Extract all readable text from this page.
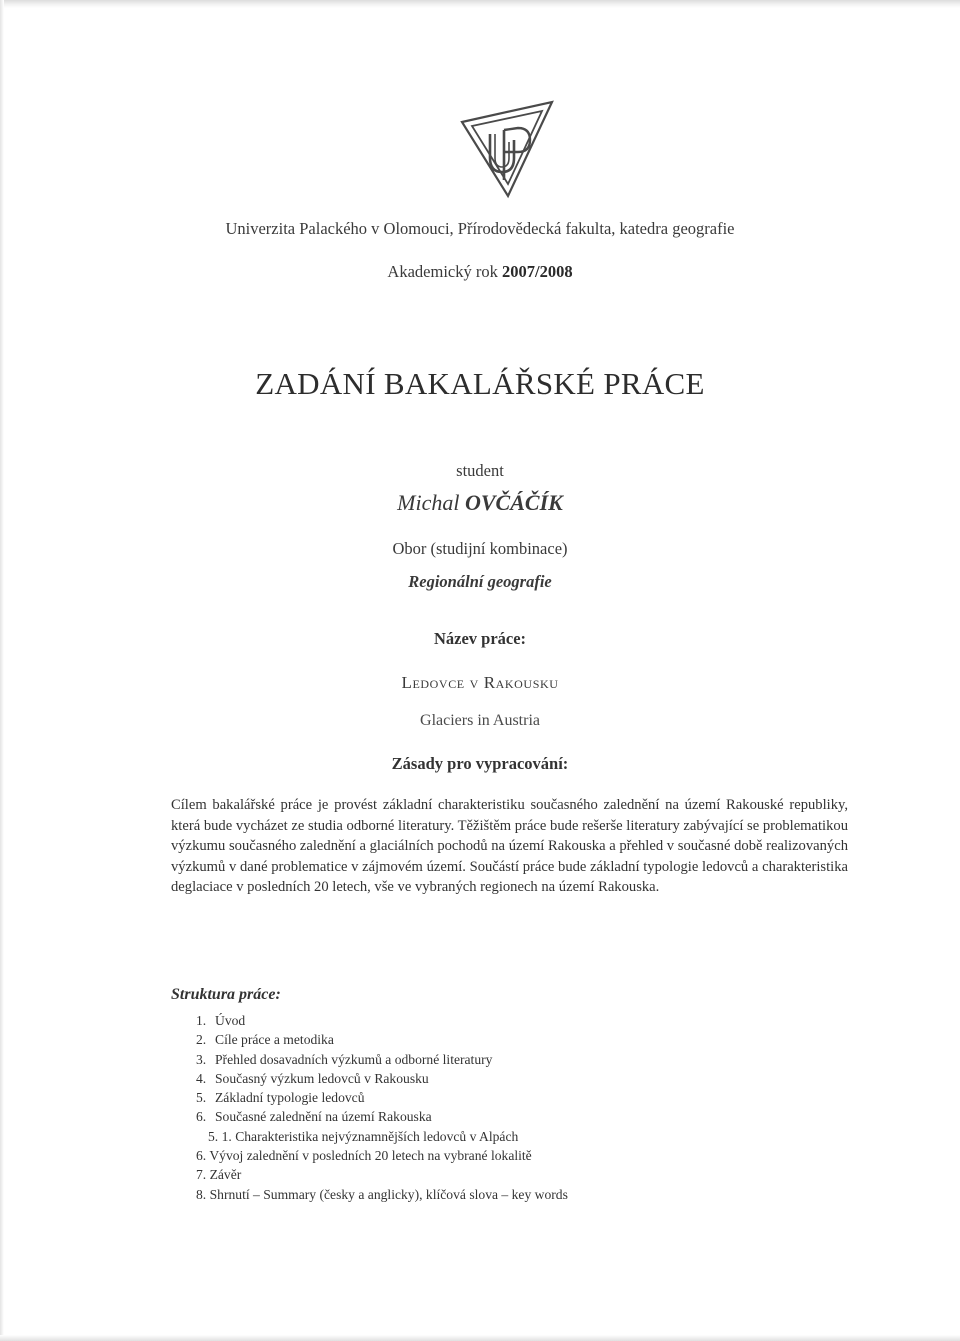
Univerzita Palackého v Olomouci, Přírodovědecká fakulta, katedra geografie
Akademický rok 2007/2008
ZADÁNÍ BAKALÁŘSKÉ PRÁCE
student
Michal OVČÁČÍK
Obor (studijní kombinace)
Regionální geografie
Název práce:
Ledovce v Rakousku
Glaciers in Austria
Zásady pro vypracování:

Cílem bakalářské práce je provést základní charakteristiku současného zalednění na území Rakouské republiky, která bude vycházet ze studia odborné literatury. Těžištěm práce bude rešerše literatury zabývající se problematikou výzkumu současného zalednění a glaciálních pochodů na území Rakouska a přehled v současné době realizovaných výzkumů v dané problematice v zájmovém území. Součástí práce bude základní typologie ledovců a charakteristika deglaciace v posledních 20 letech, vše ve vybraných regionech na území Rakouska.

Struktura práce:
1. Úvod
2. Cíle práce a metodika
3. Přehled dosavadních výzkumů a odborné literatury
4. Současný výzkum ledovců v Rakousku
5. Základní typologie ledovců
6. Současné zalednění na území Rakouska
5. 1. Charakteristika nejvýznamnějších ledovců v Alpách
6. Vývoj zalednění v posledních 20 letech na vybrané lokalitě
7. Závěr
8. Shrnutí – Summary (česky a anglicky), klíčová slova – key words
